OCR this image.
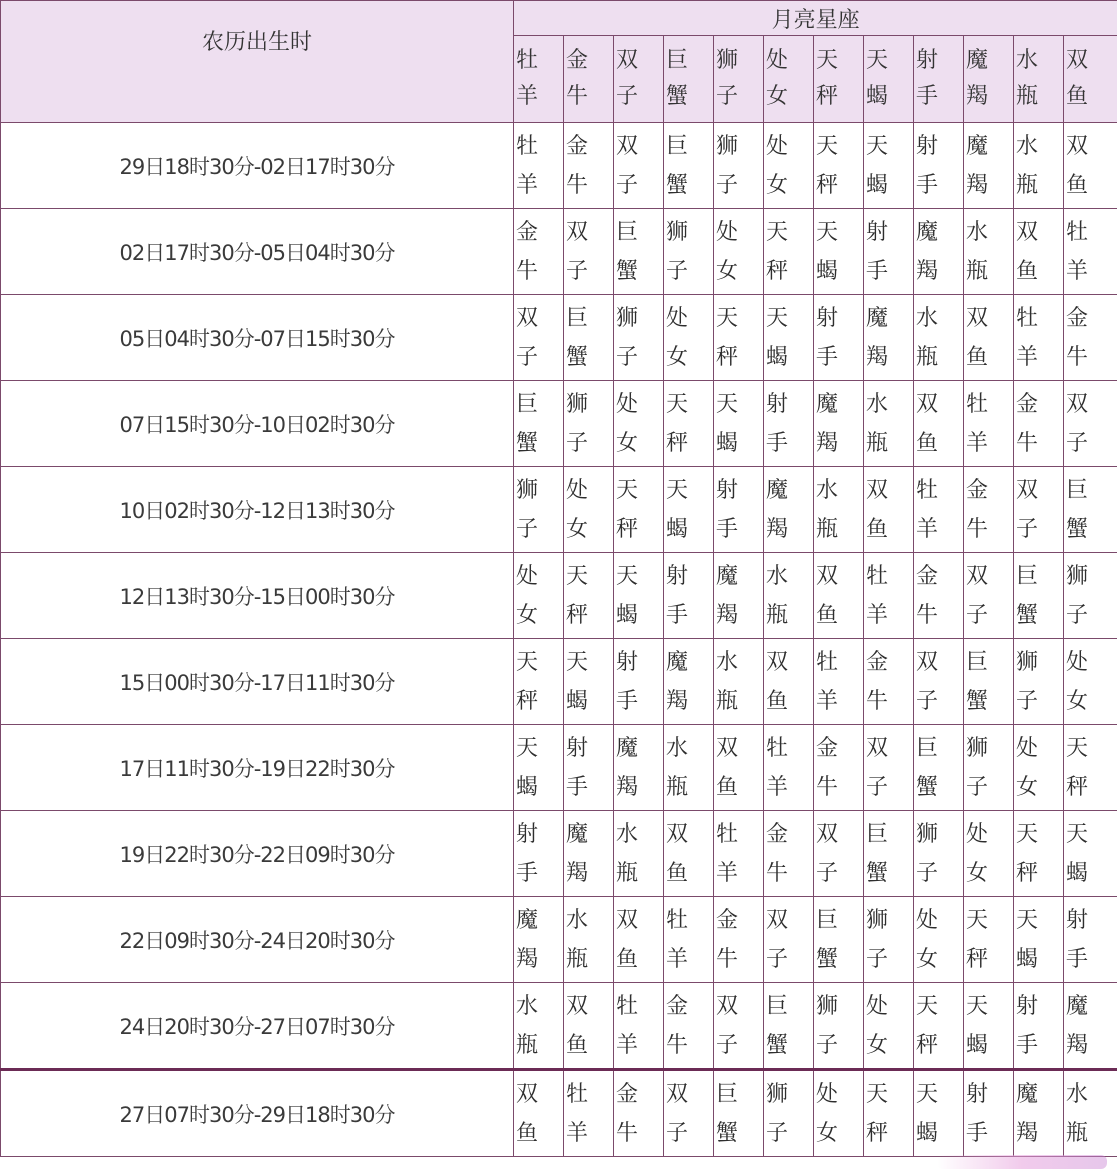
农历出生时	月亮星座											

	牡羊	金牛	双子	巨蟹	狮子	处女	天秤	天蝎	射手	魔羯	水瓶	双鱼

29日18时30分-02日17时30分	牡羊	金牛	双子	巨蟹	狮子	处女	天秤	天蝎	射手	魔羯	水瓶	双鱼

02日17时30分-05日04时30分	金牛	双子	巨蟹	狮子	处女	天秤	天蝎	射手	魔羯	水瓶	双鱼	牡羊

05日04时30分-07日15时30分	双子	巨蟹	狮子	处女	天秤	天蝎	射手	魔羯	水瓶	双鱼	牡羊	金牛

07日15时30分-10日02时30分	巨蟹	狮子	处女	天秤	天蝎	射手	魔羯	水瓶	双鱼	牡羊	金牛	双子

10日02时30分-12日13时30分	狮子	处女	天秤	天蝎	射手	魔羯	水瓶	双鱼	牡羊	金牛	双子	巨蟹

12日13时30分-15日00时30分	处女	天秤	天蝎	射手	魔羯	水瓶	双鱼	牡羊	金牛	双子	巨蟹	狮子

15日00时30分-17日11时30分	天秤	天蝎	射手	魔羯	水瓶	双鱼	牡羊	金牛	双子	巨蟹	狮子	处女

17日11时30分-19日22时30分	天蝎	射手	魔羯	水瓶	双鱼	牡羊	金牛	双子	巨蟹	狮子	处女	天秤

19日22时30分-22日09时30分	射手	魔羯	水瓶	双鱼	牡羊	金牛	双子	巨蟹	狮子	处女	天秤	天蝎

22日09时30分-24日20时30分	魔羯	水瓶	双鱼	牡羊	金牛	双子	巨蟹	狮子	处女	天秤	天蝎	射手

24日20时30分-27日07时30分	水瓶	双鱼	牡羊	金牛	双子	巨蟹	狮子	处女	天秤	天蝎	射手	魔羯

27日07时30分-29日18时30分	双鱼	牡羊	金牛	双子	巨蟹	狮子	处女	天秤	天蝎	射手	魔羯	水瓶
